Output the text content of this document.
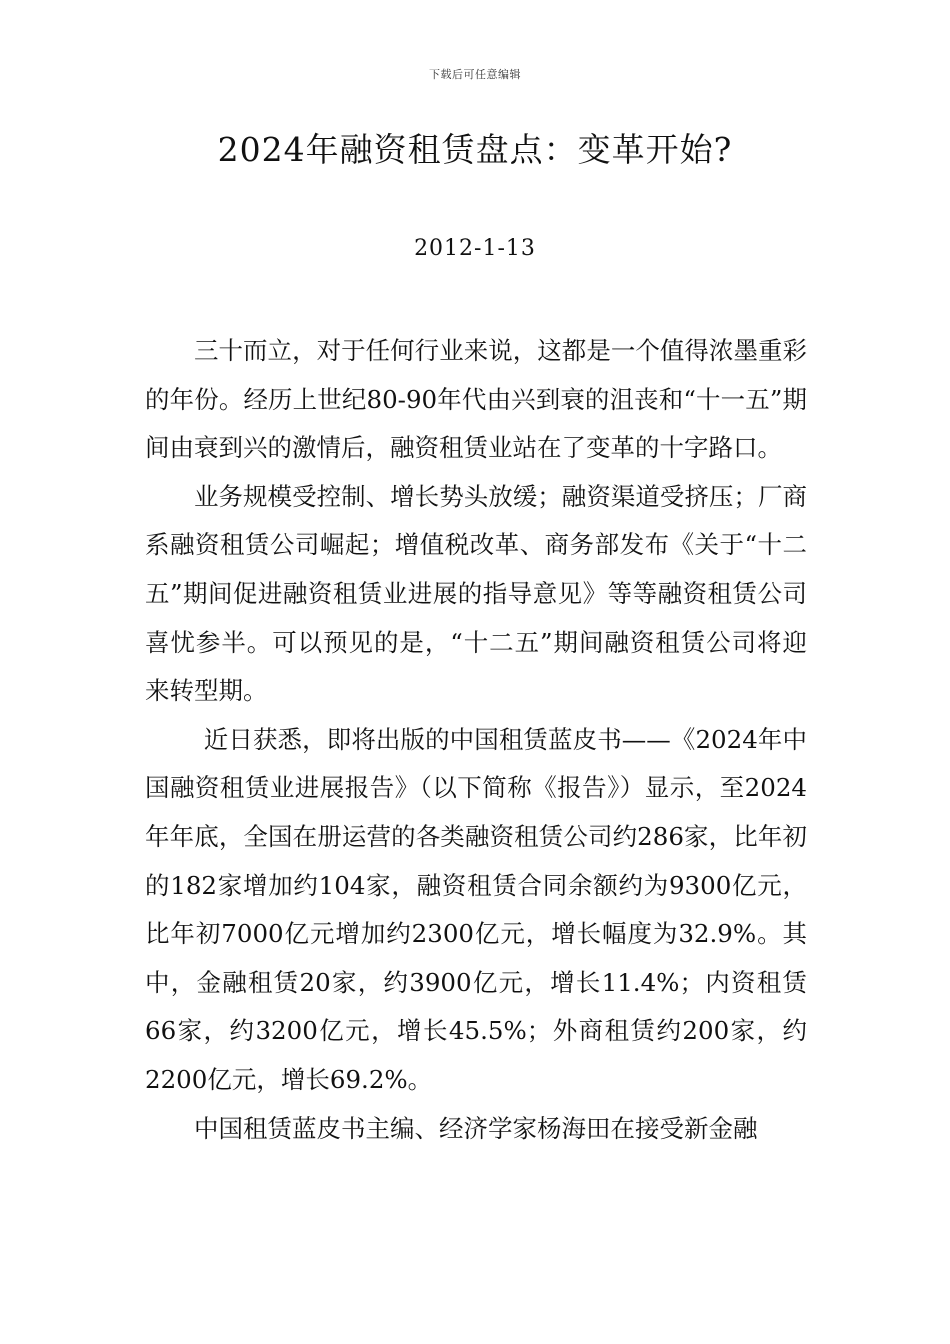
下载后可任意编辑
2024年融资租赁盘点：变革开始?
2012-1-13

三十而立，对于任何行业来说，这都是一个值得浓墨重彩的年份。经历上世纪80-90年代由兴到衰的沮丧和“十一五”期间由衰到兴的激情后，融资租赁业站在了变革的十字路口。

业务规模受控制、增长势头放缓；融资渠道受挤压；厂商系融资租赁公司崛起；增值税改革、商务部发布《关于“十二五”期间促进融资租赁业进展的指导意见》等等融资租赁公司喜忧参半。可以预见的是，“十二五”期间融资租赁公司将迎来转型期。

近日获悉，即将出版的中国租赁蓝皮书——《2024年中国融资租赁业进展报告》（以下简称《报告》）显示，至2024年年底，全国在册运营的各类融资租赁公司约286家，比年初的182家增加约104家，融资租赁合同余额约为9300亿元，比年初7000亿元增加约2300亿元，增长幅度为32.9%。其中，金融租赁20家，约3900亿元，增长11.4%；内资租赁66家，约3200亿元，增长45.5%；外商租赁约200家，约2200亿元，增长69.2%。

中国租赁蓝皮书主编、经济学家杨海田在接受新金融
